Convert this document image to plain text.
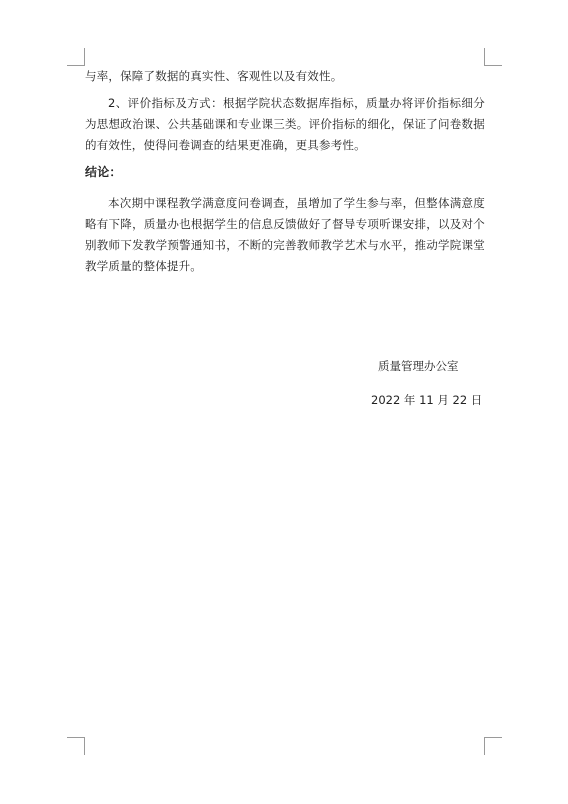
与率，保障了数据的真实性、客观性以及有效性。

2、评价指标及方式：根据学院状态数据库指标，质量办将评价指标细分为思想政治课、公共基础课和专业课三类。评价指标的细化，保证了问卷数据的有效性，使得问卷调查的结果更准确，更具参考性。

结论：

本次期中课程教学满意度问卷调查，虽增加了学生参与率，但整体满意度略有下降，质量办也根据学生的信息反馈做好了督导专项听课安排，以及对个别教师下发教学预警通知书，不断的完善教师教学艺术与水平，推动学院课堂教学质量的整体提升。

质量管理办公室
2022 年 11 月 22 日
